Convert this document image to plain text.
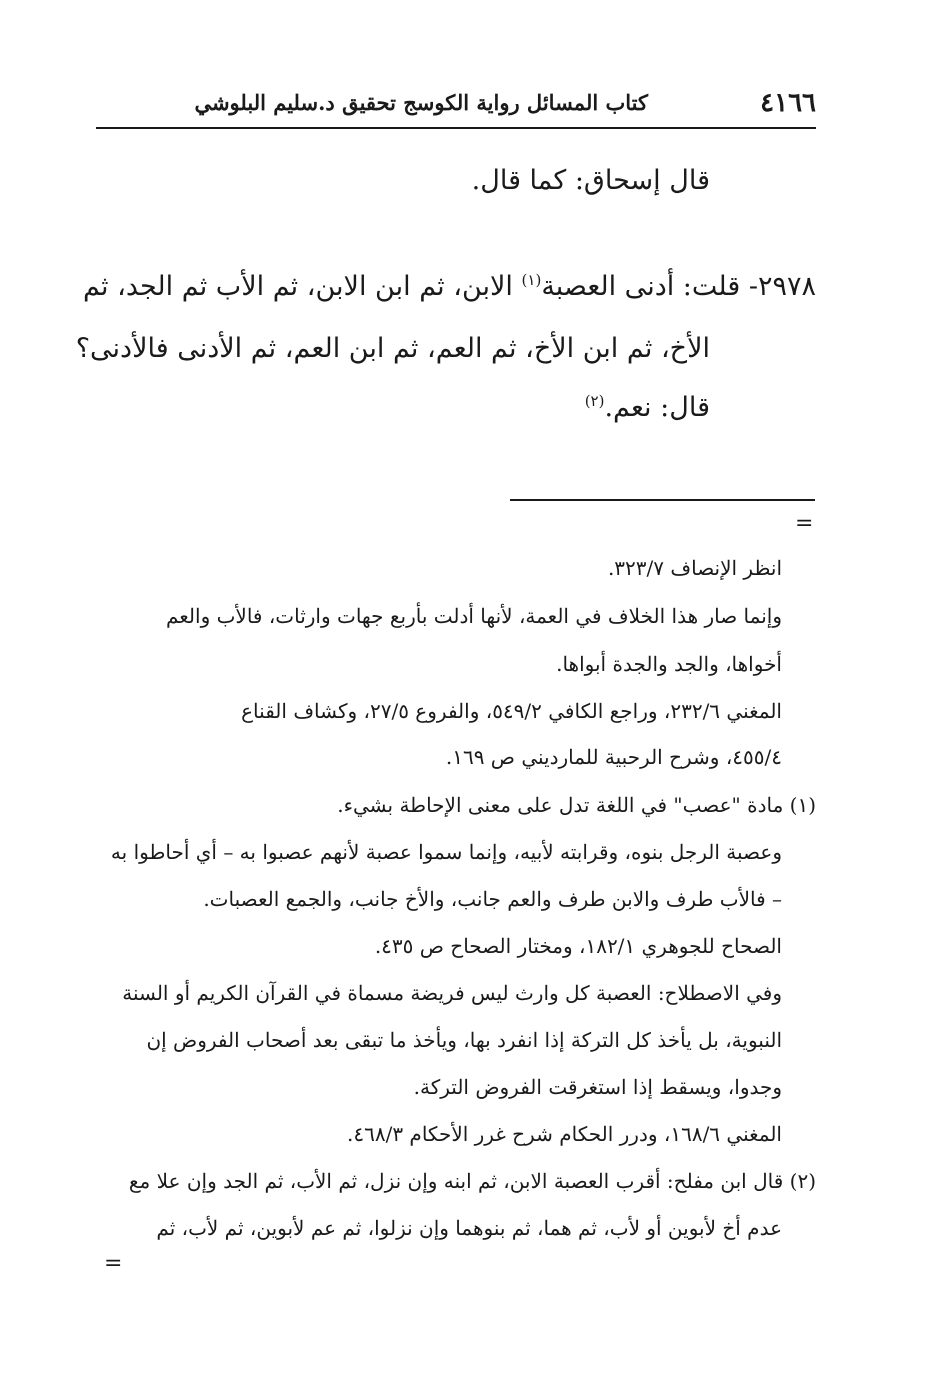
٤١٦٦
كتاب المسائل رواية الكوسج تحقيق د.سليم البلوشي
قال إسحاق: كما قال.
٢٩٧٨- قلت: أدنى العصبة$^{(١)}$ الابن، ثم ابن الابن، ثم الأب ثم الجد، ثم
الأخ، ثم ابن الأخ، ثم العم، ثم ابن العم، ثم الأدنى فالأدنى؟
قال: نعم.$^{(٢)}$
=
انظر الإنصاف ٣٢٣/٧.
وإنما صار هذا الخلاف في العمة، لأنها أدلت بأربع جهات وارثات، فالأب والعم
أخواها، والجد والجدة أبواها.
المغني ٢٣٢/٦، وراجع الكافي ٥٤٩/٢، والفروع ٢٧/٥، وكشاف القناع
٤٥٥/٤، وشرح الرحبية للمارديني ص ١٦٩.
(١) مادة "عصب" في اللغة تدل على معنى الإحاطة بشيء.
وعصبة الرجل بنوه، وقرابته لأبيه، وإنما سموا عصبة لأنهم عصبوا به – أي أحاطوا به
– فالأب طرف والابن طرف والعم جانب، والأخ جانب، والجمع العصبات.
الصحاح للجوهري ١٨٢/١، ومختار الصحاح ص ٤٣٥.
وفي الاصطلاح: العصبة كل وارث ليس فريضة مسماة في القرآن الكريم أو السنة
النبوية، بل يأخذ كل التركة إذا انفرد بها، ويأخذ ما تبقى بعد أصحاب الفروض إن
وجدوا، ويسقط إذا استغرقت الفروض التركة.
المغني ١٦٨/٦، ودرر الحكام شرح غرر الأحكام ٤٦٨/٣.
(٢) قال ابن مفلح: أقرب العصبة الابن، ثم ابنه وإن نزل، ثم الأب، ثم الجد وإن علا مع
عدم أخ لأبوين أو لأب، ثم هما، ثم بنوهما وإن نزلوا، ثم عم لأبوين، ثم لأب، ثم
=
